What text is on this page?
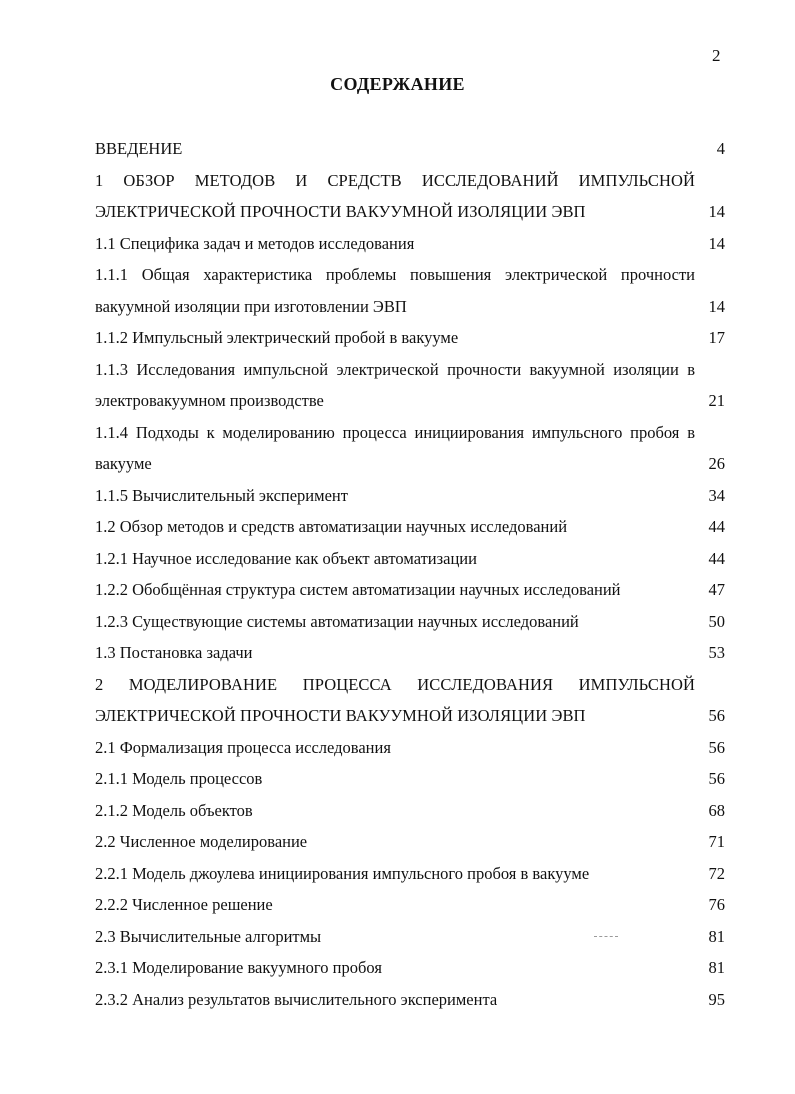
2
СОДЕРЖАНИЕ
ВВЕДЕНИЕ	4
1 ОБЗОР МЕТОДОВ И СРЕДСТВ ИССЛЕДОВАНИЙ ИМПУЛЬСНОЙ ЭЛЕКТРИЧЕСКОЙ ПРОЧНОСТИ ВАКУУМНОЙ ИЗОЛЯЦИИ ЭВП	14
1.1 Специфика задач и методов исследования	14
1.1.1 Общая характеристика проблемы повышения электрической прочности вакуумной изоляции при изготовлении ЭВП	14
1.1.2 Импульсный электрический пробой в вакууме	17
1.1.3 Исследования импульсной электрической прочности вакуумной изоляции в электровакуумном производстве	21
1.1.4 Подходы к моделированию процесса инициирования импульсного пробоя в вакууме	26
1.1.5 Вычислительный эксперимент	34
1.2 Обзор методов и средств автоматизации научных исследований	44
1.2.1 Научное исследование как объект автоматизации	44
1.2.2 Обобщённая структура систем автоматизации научных исследований	47
1.2.3 Существующие системы автоматизации научных исследований	50
1.3 Постановка задачи	53
2 МОДЕЛИРОВАНИЕ ПРОЦЕССА ИССЛЕДОВАНИЯ ИМПУЛЬСНОЙ ЭЛЕКТРИЧЕСКОЙ ПРОЧНОСТИ ВАКУУМНОЙ ИЗОЛЯЦИИ ЭВП	56
2.1 Формализация процесса исследования	56
2.1.1 Модель процессов	56
2.1.2 Модель объектов	68
2.2 Численное моделирование	71
2.2.1 Модель джоулева инициирования импульсного пробоя в вакууме	72
2.2.2 Численное решение	76
2.3 Вычислительные алгоритмы	81
2.3.1 Моделирование вакуумного пробоя	81
2.3.2 Анализ результатов вычислительного эксперимента	95
